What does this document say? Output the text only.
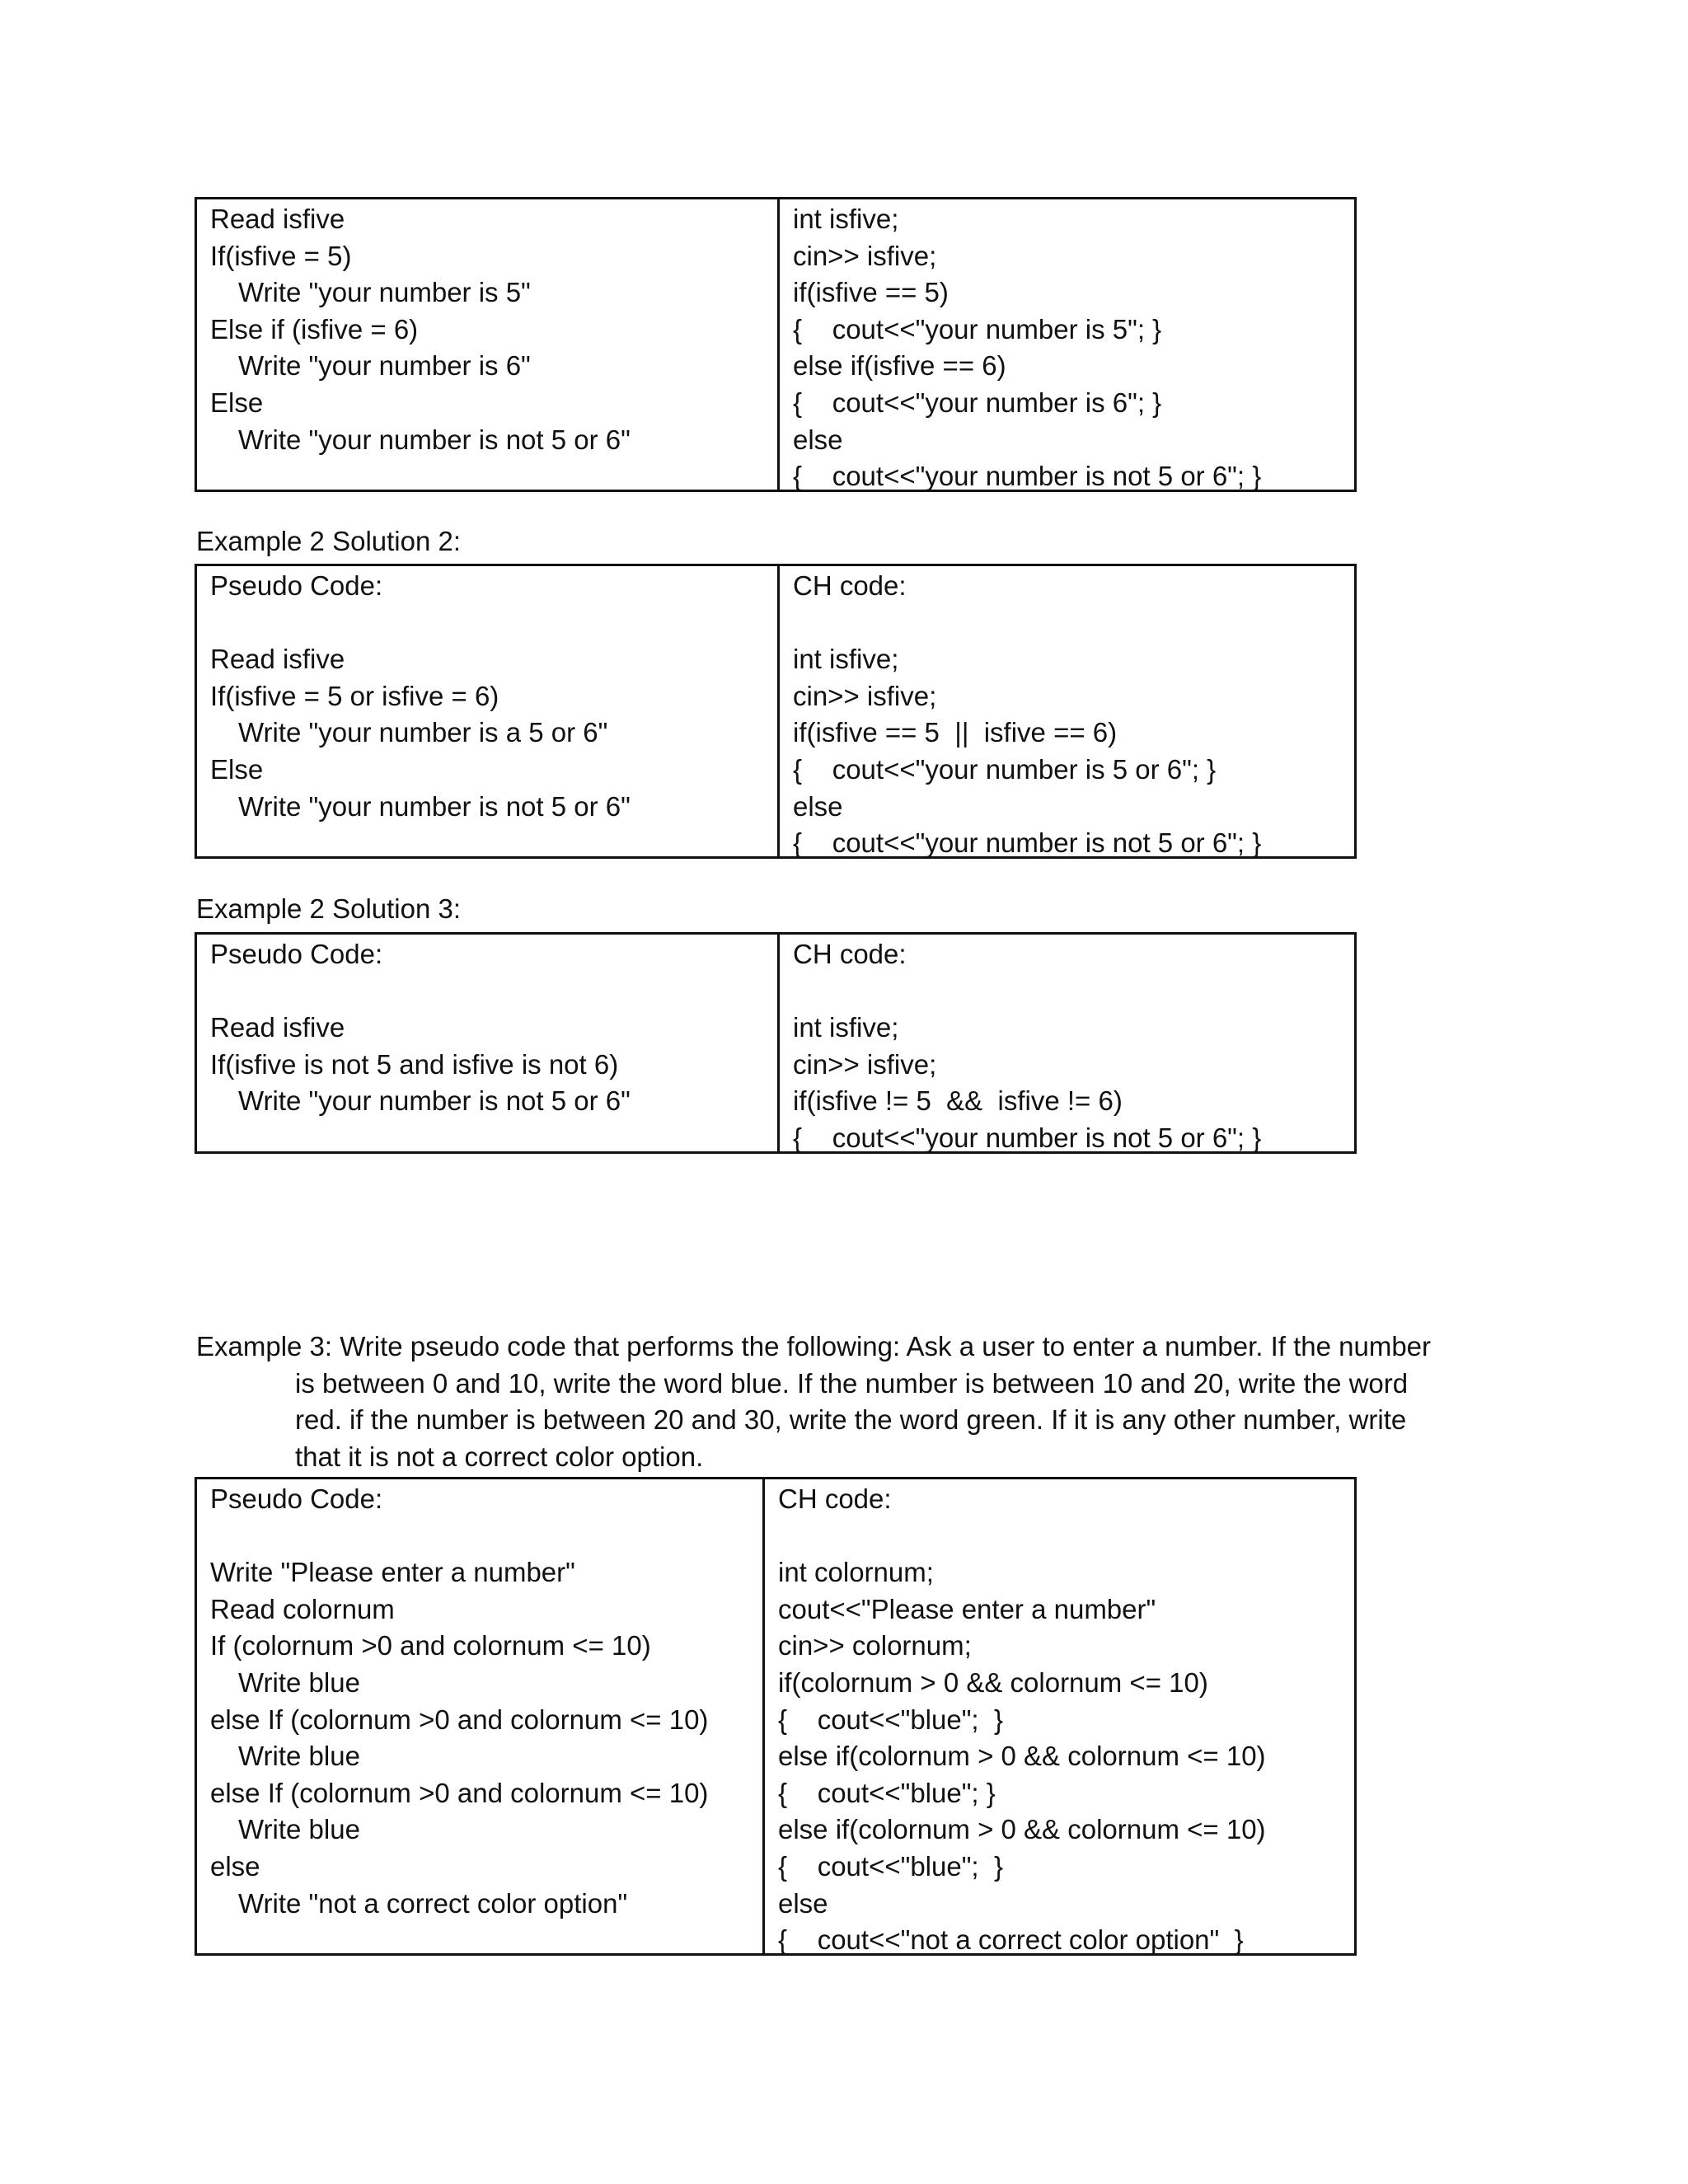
Read isfive
If(isfive = 5)
Write "your number is 5"
Else if (isfive = 6)
Write "your number is 6"
Else
Write "your number is not 5 or 6"
int isfive;
cin>> isfive;
if(isfive == 5)
{    cout<<"your number is 5"; }
else if(isfive == 6)
{    cout<<"your number is 6"; }
else
{    cout<<"your number is not 5 or 6"; }
Example 2 Solution 2:
Pseudo Code:

Read isfive
If(isfive = 5 or isfive = 6)
Write "your number is a 5 or 6"
Else
Write "your number is not 5 or 6"
CH code:

int isfive;
cin>> isfive;
if(isfive == 5  ||  isfive == 6)
{    cout<<"your number is 5 or 6"; }
else
{    cout<<"your number is not 5 or 6"; }
Example 2 Solution 3:
Pseudo Code:

Read isfive
If(isfive is not 5 and isfive is not 6)
Write "your number is not 5 or 6"
CH code:

int isfive;
cin>> isfive;
if(isfive != 5  &&  isfive != 6)
{    cout<<"your number is not 5 or 6"; }
Example 3: Write pseudo code that performs the following: Ask a user to enter a number. If the number
is between 0 and 10, write the word blue. If the number is between 10 and 20, write the word
red. if the number is between 20 and 30, write the word green. If it is any other number, write
that it is not a correct color option.
Pseudo Code:

Write "Please enter a number"
Read colornum
If (colornum >0 and colornum <= 10)
Write blue
else If (colornum >0 and colornum <= 10)
Write blue
else If (colornum >0 and colornum <= 10)
Write blue
else
Write "not a correct color option"
CH code:

int colornum;
cout<<"Please enter a number"
cin>> colornum;
if(colornum > 0 && colornum <= 10)
{    cout<<"blue";  }
else if(colornum > 0 && colornum <= 10)
{    cout<<"blue"; }
else if(colornum > 0 && colornum <= 10)
{    cout<<"blue";  }
else
{    cout<<"not a correct color option"  }
